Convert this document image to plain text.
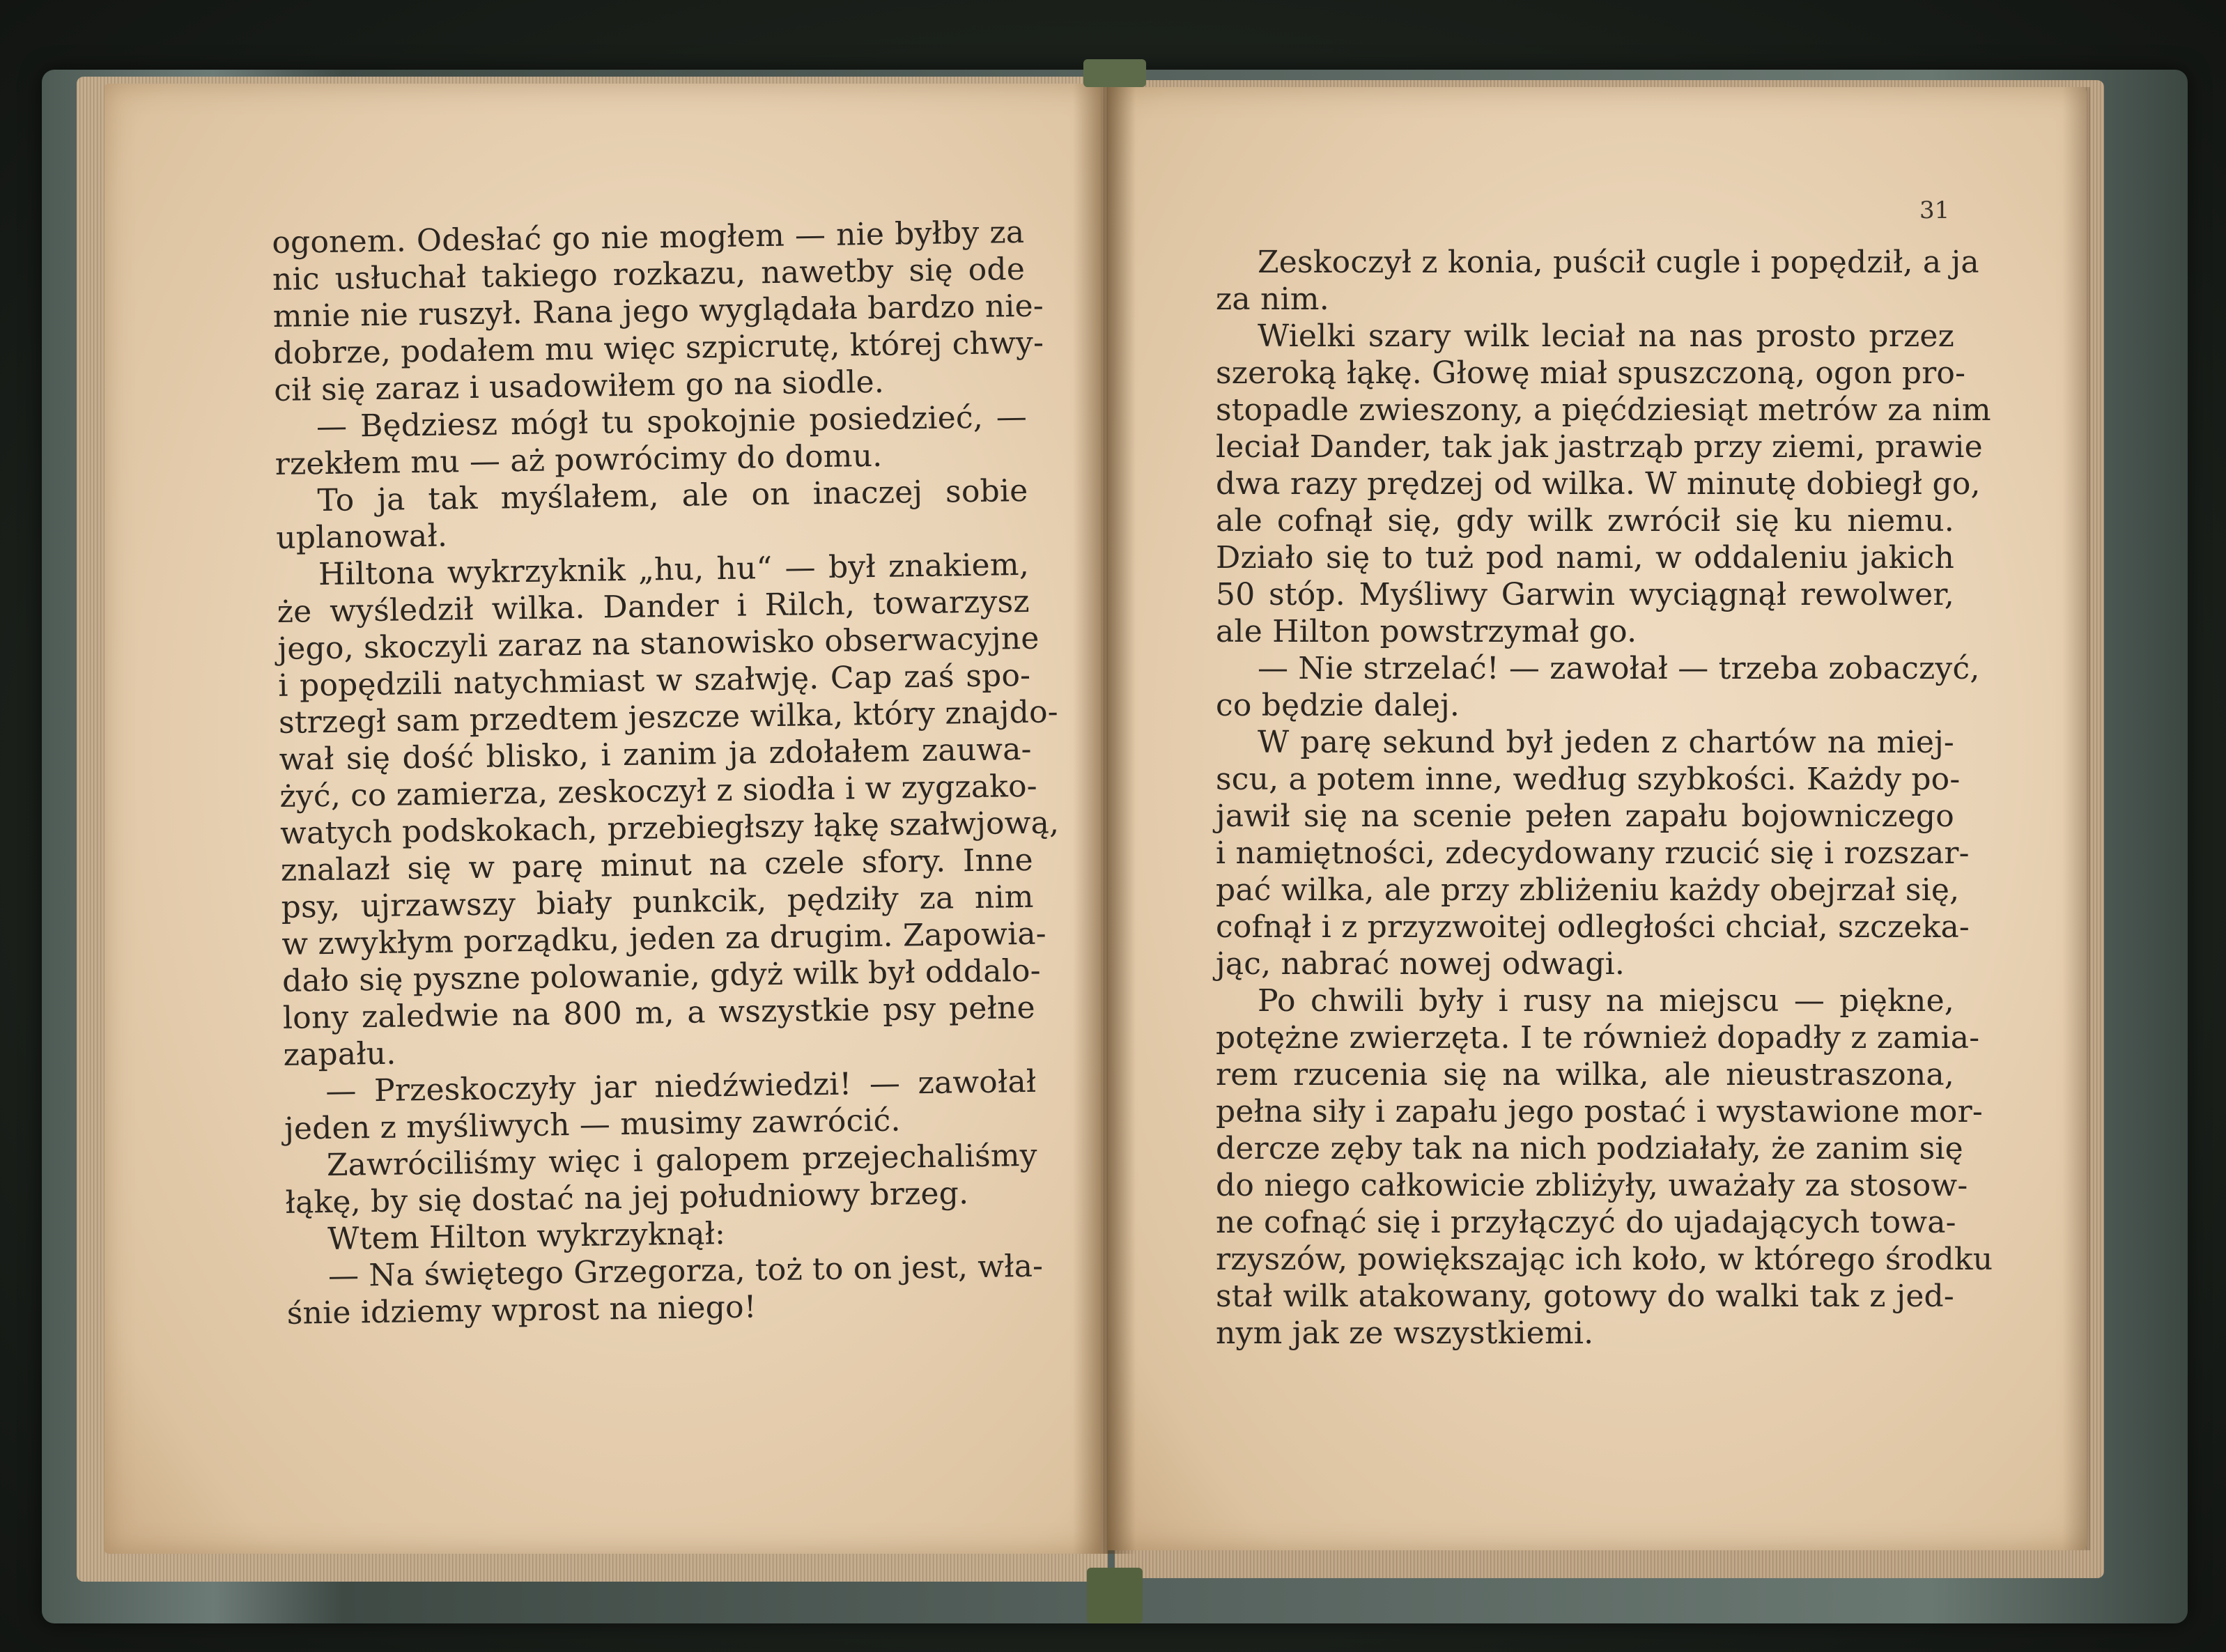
31
ogonem. Odesłać go nie mogłem — nie byłby za
nic usłuchał takiego rozkazu, nawetby się ode
mnie nie ruszył. Rana jego wyglądała bardzo nie-
dobrze, podałem mu więc szpicrutę, której chwy-
cił się zaraz i usadowiłem go na siodle.
— Będziesz mógł tu spokojnie posiedzieć, —
rzekłem mu — aż powrócimy do domu.
To ja tak myślałem, ale on inaczej sobie
uplanował.
Hiltona wykrzyknik „hu, hu“ — był znakiem,
że wyśledził wilka. Dander i Rilch, towarzysz
jego, skoczyli zaraz na stanowisko obserwacyjne
i popędzili natychmiast w szałwję. Cap zaś spo-
strzegł sam przedtem jeszcze wilka, który znajdo-
wał się dość blisko, i zanim ja zdołałem zauwa-
żyć, co zamierza, zeskoczył z siodła i w zygzako-
watych podskokach, przebiegłszy łąkę szałwjową,
znalazł się w parę minut na czele sfory. Inne
psy, ujrzawszy biały punkcik, pędziły za nim
w zwykłym porządku, jeden za drugim. Zapowia-
dało się pyszne polowanie, gdyż wilk był oddalo-
lony zaledwie na 800 m, a wszystkie psy pełne
zapału.
— Przeskoczyły jar niedźwiedzi! — zawołał
jeden z myśliwych — musimy zawrócić.
Zawróciliśmy więc i galopem przejechaliśmy
łąkę, by się dostać na jej południowy brzeg.
Wtem Hilton wykrzyknął:
— Na świętego Grzegorza, toż to on jest, wła-
śnie idziemy wprost na niego!
Zeskoczył z konia, puścił cugle i popędził, a ja
za nim.
Wielki szary wilk leciał na nas prosto przez
szeroką łąkę. Głowę miał spuszczoną, ogon pro-
stopadle zwieszony, a pięćdziesiąt metrów za nim
leciał Dander, tak jak jastrząb przy ziemi, prawie
dwa razy prędzej od wilka. W minutę dobiegł go,
ale cofnął się, gdy wilk zwrócił się ku niemu.
Działo się to tuż pod nami, w oddaleniu jakich
50 stóp. Myśliwy Garwin wyciągnął rewolwer,
ale Hilton powstrzymał go.
— Nie strzelać! — zawołał — trzeba zobaczyć,
co będzie dalej.
W parę sekund był jeden z chartów na miej-
scu, a potem inne, według szybkości. Każdy po-
jawił się na scenie pełen zapału bojowniczego
i namiętności, zdecydowany rzucić się i rozszar-
pać wilka, ale przy zbliżeniu każdy obejrzał się,
cofnął i z przyzwoitej odległości chciał, szczeka-
jąc, nabrać nowej odwagi.
Po chwili były i rusy na miejscu — piękne,
potężne zwierzęta. I te również dopadły z zamia-
rem rzucenia się na wilka, ale nieustraszona,
pełna siły i zapału jego postać i wystawione mor-
dercze zęby tak na nich podziałały, że zanim się
do niego całkowicie zbliżyły, uważały za stosow-
ne cofnąć się i przyłączyć do ujadających towa-
rzyszów, powiększając ich koło, w którego środku
stał wilk atakowany, gotowy do walki tak z jed-
nym jak ze wszystkiemi.
